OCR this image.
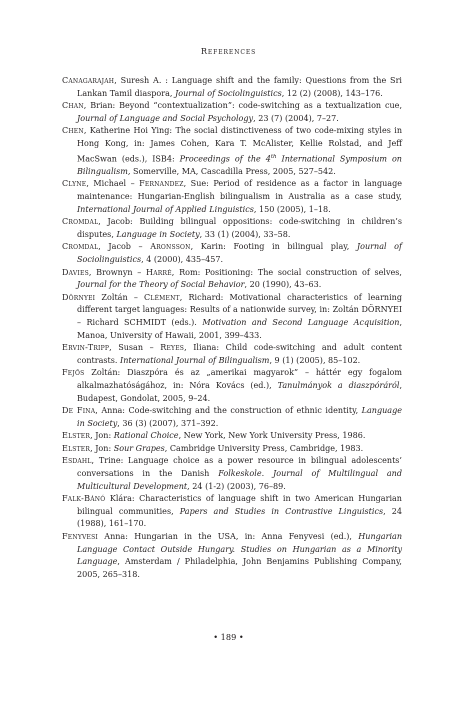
References
Canagarajah, Suresh A. : Language shift and the family: Questions from the Sri Lankan Tamil diaspora, Journal of Sociolinguistics, 12 (2) (2008), 143–176.
Chan, Brian: Beyond “contextualization”: code-switching as a textualization cue, Journal of Language and Social Psychology, 23 (7) (2004), 7–27.
Chen, Katherine Hoi Ying: The social distinctiveness of two code-mixing styles in Hong Kong, in: James Cohen, Kara T. McAlister, Kellie Rolstad, and Jeff MacSwan (eds.), ISB4: Proceedings of the 4th International Symposium on Bilingualism, Somerville, MA, Cascadilla Press, 2005, 527–542.
Clyne, Michael – Fernandez, Sue: Period of residence as a factor in language maintenance: Hungarian-English bilingualism in Australia as a case study, International Journal of Applied Linguistics, 150 (2005), 1–18.
Cromdal, Jacob: Building bilingual oppositions: code-switching in children’s disputes, Language in Society, 33 (1) (2004), 33–58.
Cromdal, Jacob – Aronsson, Karin: Footing in bilingual play, Journal of Sociolinguistics, 4 (2000), 435–457.
Davies, Brownyn – Harré, Rom: Positioning: The social construction of selves, Journal for the Theory of Social Behavior, 20 (1990), 43–63.
Dörnyei Zoltán – Clément, Richard: Motivational characteristics of learning different target languages: Results of a nationwide survey, in: Zoltán DÖRNYEI – Richard SCHMIDT (eds.). Motivation and Second Language Acquisition, Manoa, University of Hawaii, 2001, 399–433.
Ervin-Tripp, Susan – Reyes, Iliana: Child code-switching and adult content contrasts. International Journal of Bilingualism, 9 (1) (2005), 85–102.
Fejős Zoltán: Diaszpóra és az „amerikai magyarok” – háttér egy fogalom alkalmazhatóságához, in: Nóra Kovács (ed.), Tanulmányok a diaszpóráról, Budapest, Gondolat, 2005, 9–24.
De Fina, Anna: Code-switching and the construction of ethnic identity, Language in Society, 36 (3) (2007), 371–392.
Elster, Jon: Rational Choice, New York, New York University Press, 1986.
Elster, Jon: Sour Grapes, Cambridge University Press, Cambridge, 1983.
Esdahl, Trine: Language choice as a power resource in bilingual adolescents’ conversations in the Danish Folkeskole. Journal of Multilingual and Multicultural Development, 24 (1-2) (2003), 76–89.
Falk-Bánó Klára: Characteristics of language shift in two American Hungarian bilingual communities, Papers and Studies in Contrastive Linguistics, 24 (1988), 161–170.
Fenyvesi Anna: Hungarian in the USA, in: Anna Fenyvesi (ed.), Hungarian Language Contact Outside Hungary. Studies on Hungarian as a Minority Language, Amsterdam / Philadelphia, John Benjamins Publishing Company, 2005, 265–318.
• 189 •
